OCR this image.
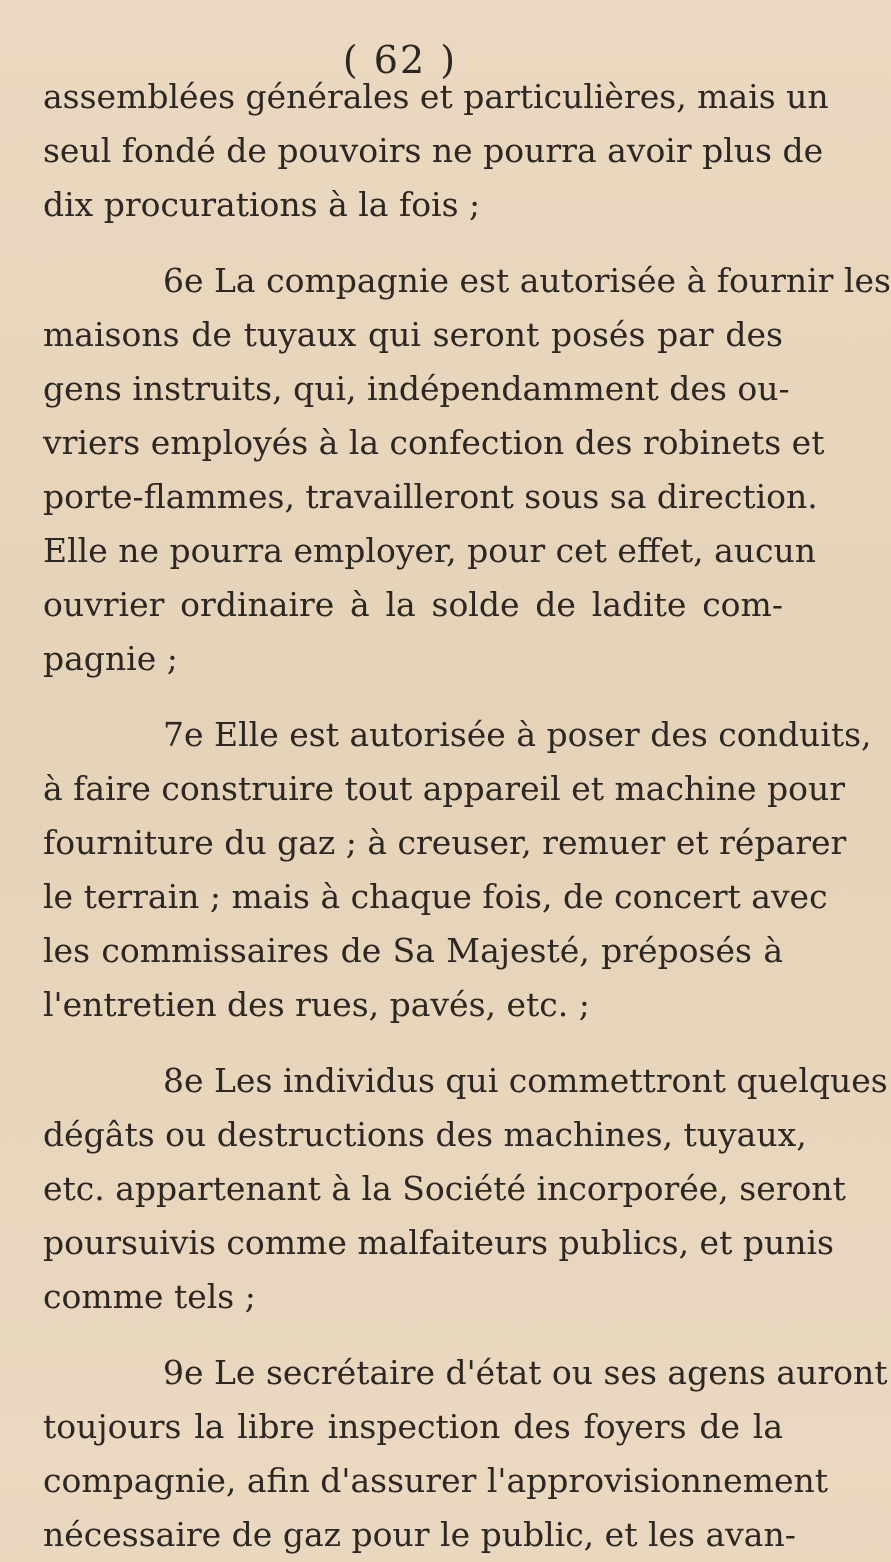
( 62 )
assemblées générales et particulières, mais un
seul fondé de pouvoirs ne pourra avoir plus de
dix procurations à la fois ;
6e La compagnie est autorisée à fournir les
maisons de tuyaux qui seront posés par des
gens instruits, qui, indépendamment des ou-
vriers employés à la confection des robinets et
porte-flammes, travailleront sous sa direction.
Elle ne pourra employer, pour cet effet, aucun
ouvrier ordinaire à la solde de ladite com-
pagnie ;
7e Elle est autorisée à poser des conduits,
à faire construire tout appareil et machine pour
fourniture du gaz ; à creuser, remuer et réparer
le terrain ; mais à chaque fois, de concert avec
les commissaires de Sa Majesté, préposés à
l'entretien des rues, pavés, etc. ;
8e Les individus qui commettront quelques
dégâts ou destructions des machines, tuyaux,
etc. appartenant à la Société incorporée, seront
poursuivis comme malfaiteurs publics, et punis
comme tels ;
9e Le secrétaire d'état ou ses agens auront
toujours la libre inspection des foyers de la
compagnie, afin d'assurer l'approvisionnement
nécessaire de gaz pour le public, et les avan-
